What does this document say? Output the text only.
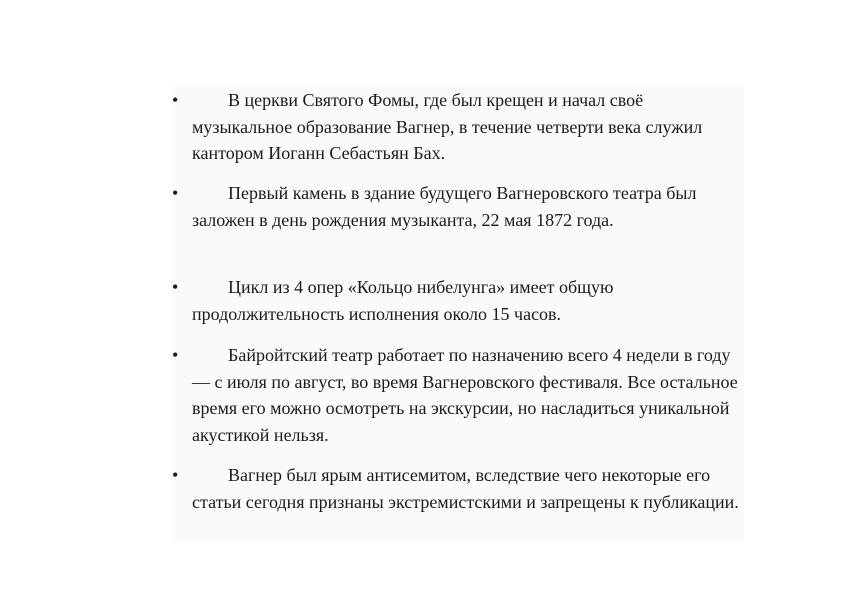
•	В церкви Святого Фомы, где был крещен и начал своё музыкальное образование Вагнер, в течение четверти века служил кантором Иоганн Себастьян Бах.
•	Первый камень в здание будущего Вагнеровского театра был заложен в день рождения музыканта, 22 мая 1872 года.
•	Цикл из 4 опер «Кольцо нибелунга» имеет общую продолжительность исполнения около 15 часов.
•	Байройтский театр работает по назначению всего 4 недели в году — с июля по август, во время Вагнеровского фестиваля. Все остальное время его можно осмотреть на экскурсии, но насладиться уникальной акустикой нельзя.
•	Вагнер был ярым антисемитом, вследствие чего некоторые его статьи сегодня признаны экстремистскими и запрещены к публикации.
